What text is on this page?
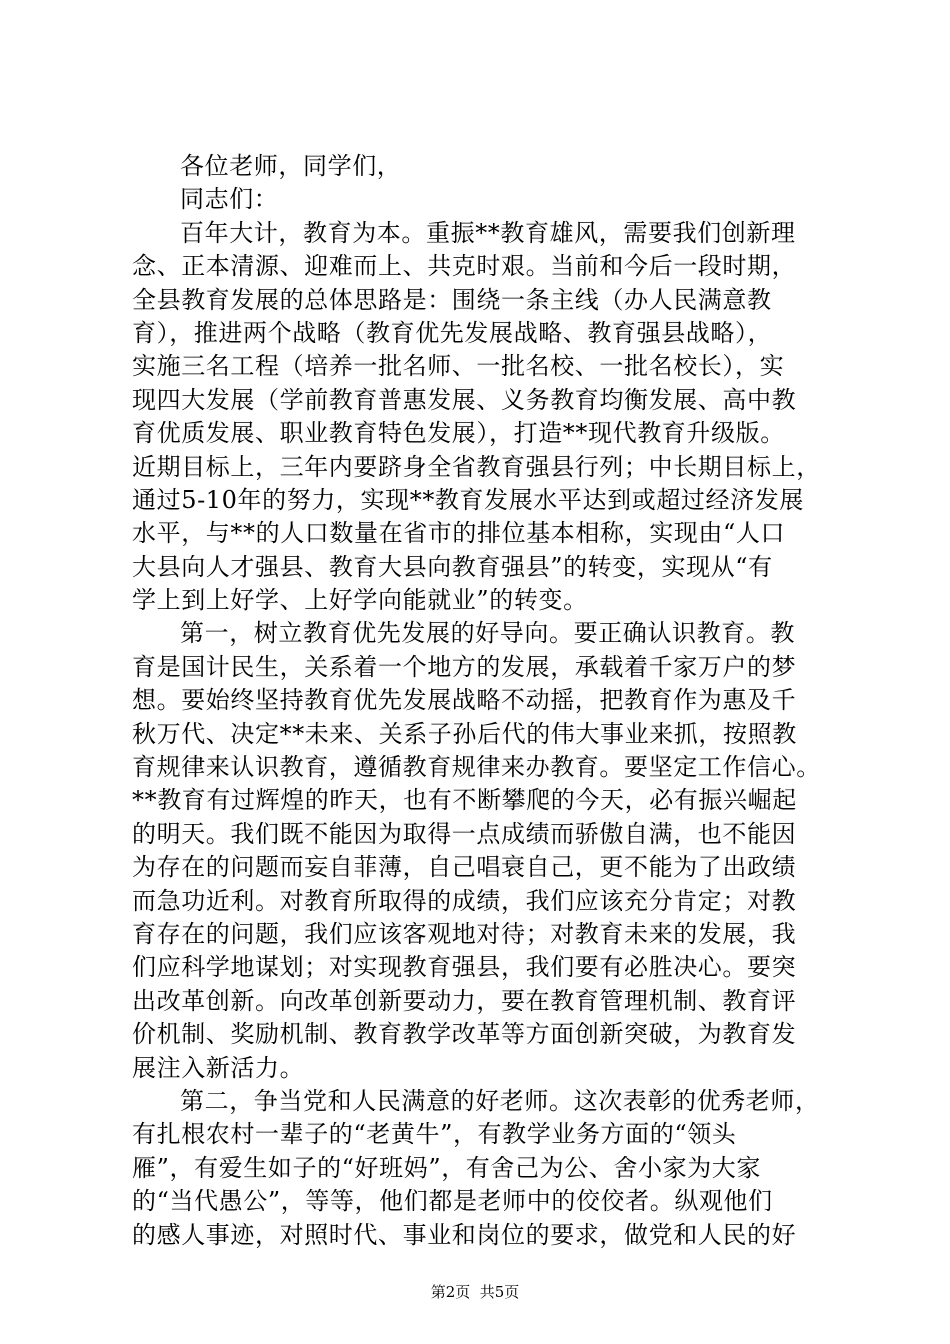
各位老师，同学们，
同志们：
百年大计，教育为本。重振**教育雄风，需要我们创新理
念、正本清源、迎难而上、共克时艰。当前和今后一段时期，
全县教育发展的总体思路是：围绕一条主线（办人民满意教
育），推进两个战略（教育优先发展战略、教育强县战略），
实施三名工程（培养一批名师、一批名校、一批名校长），实
现四大发展（学前教育普惠发展、义务教育均衡发展、高中教
育优质发展、职业教育特色发展），打造**现代教育升级版。
近期目标上，三年内要跻身全省教育强县行列；中长期目标上，
通过5-10年的努力，实现**教育发展水平达到或超过经济发展
水平，与**的人口数量在省市的排位基本相称，实现由“人口
大县向人才强县、教育大县向教育强县”的转变，实现从“有
学上到上好学、上好学向能就业”的转变。
第一，树立教育优先发展的好导向。要正确认识教育。教
育是国计民生，关系着一个地方的发展，承载着千家万户的梦
想。要始终坚持教育优先发展战略不动摇，把教育作为惠及千
秋万代、决定**未来、关系子孙后代的伟大事业来抓，按照教
育规律来认识教育，遵循教育规律来办教育。要坚定工作信心。
**教育有过辉煌的昨天，也有不断攀爬的今天，必有振兴崛起
的明天。我们既不能因为取得一点成绩而骄傲自满，也不能因
为存在的问题而妄自菲薄，自己唱衰自己，更不能为了出政绩
而急功近利。对教育所取得的成绩，我们应该充分肯定；对教
育存在的问题，我们应该客观地对待；对教育未来的发展，我
们应科学地谋划；对实现教育强县，我们要有必胜决心。要突
出改革创新。向改革创新要动力，要在教育管理机制、教育评
价机制、奖励机制、教育教学改革等方面创新突破，为教育发
展注入新活力。
第二，争当党和人民满意的好老师。这次表彰的优秀老师，
有扎根农村一辈子的“老黄牛”，有教学业务方面的“领头
雁”，有爱生如子的“好班妈”，有舍己为公、舍小家为大家
的“当代愚公”，等等，他们都是老师中的佼佼者。纵观他们
的感人事迹，对照时代、事业和岗位的要求，做党和人民的好
第2页  共5页
